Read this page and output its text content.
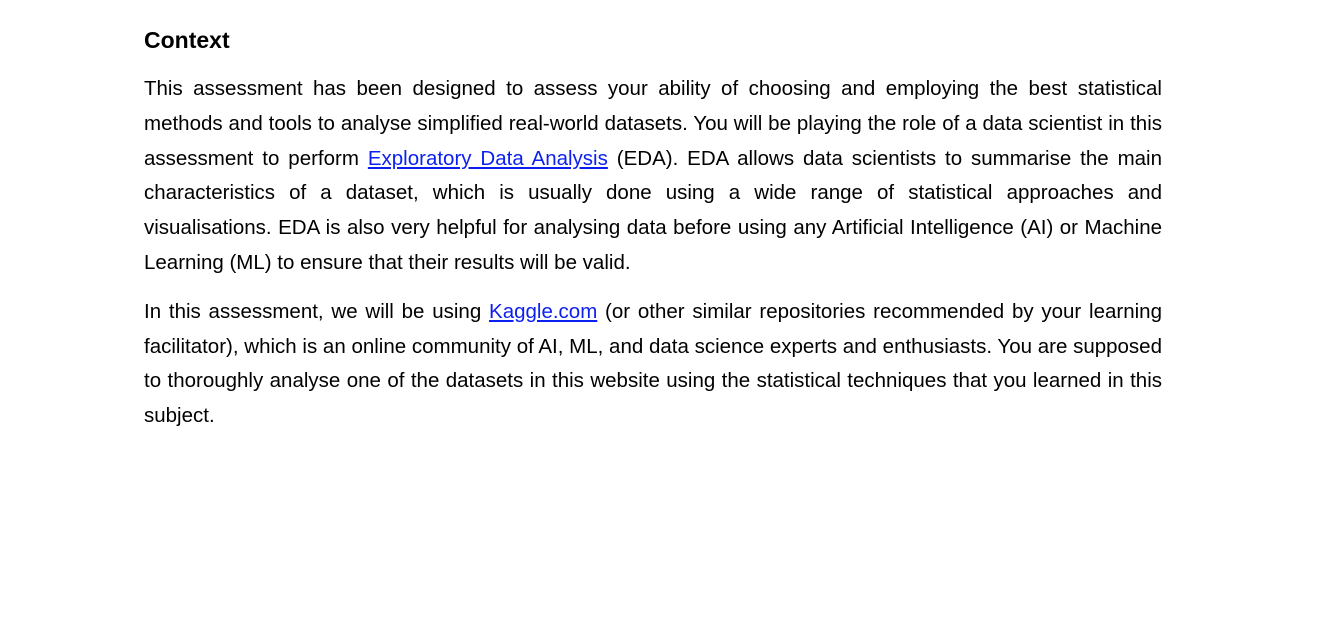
Context

This assessment has been designed to assess your ability of choosing and employing the best statistical methods and tools to analyse simplified real-world datasets. You will be playing the role of a data scientist in this assessment to perform Exploratory Data Analysis (EDA). EDA allows data scientists to summarise the main characteristics of a dataset, which is usually done using a wide range of statistical approaches and visualisations. EDA is also very helpful for analysing data before using any Artificial Intelligence (AI) or Machine Learning (ML) to ensure that their results will be valid.

In this assessment, we will be using Kaggle.com (or other similar repositories recommended by your learning facilitator), which is an online community of AI, ML, and data science experts and enthusiasts. You are supposed to thoroughly analyse one of the datasets in this website using the statistical techniques that you learned in this subject.
